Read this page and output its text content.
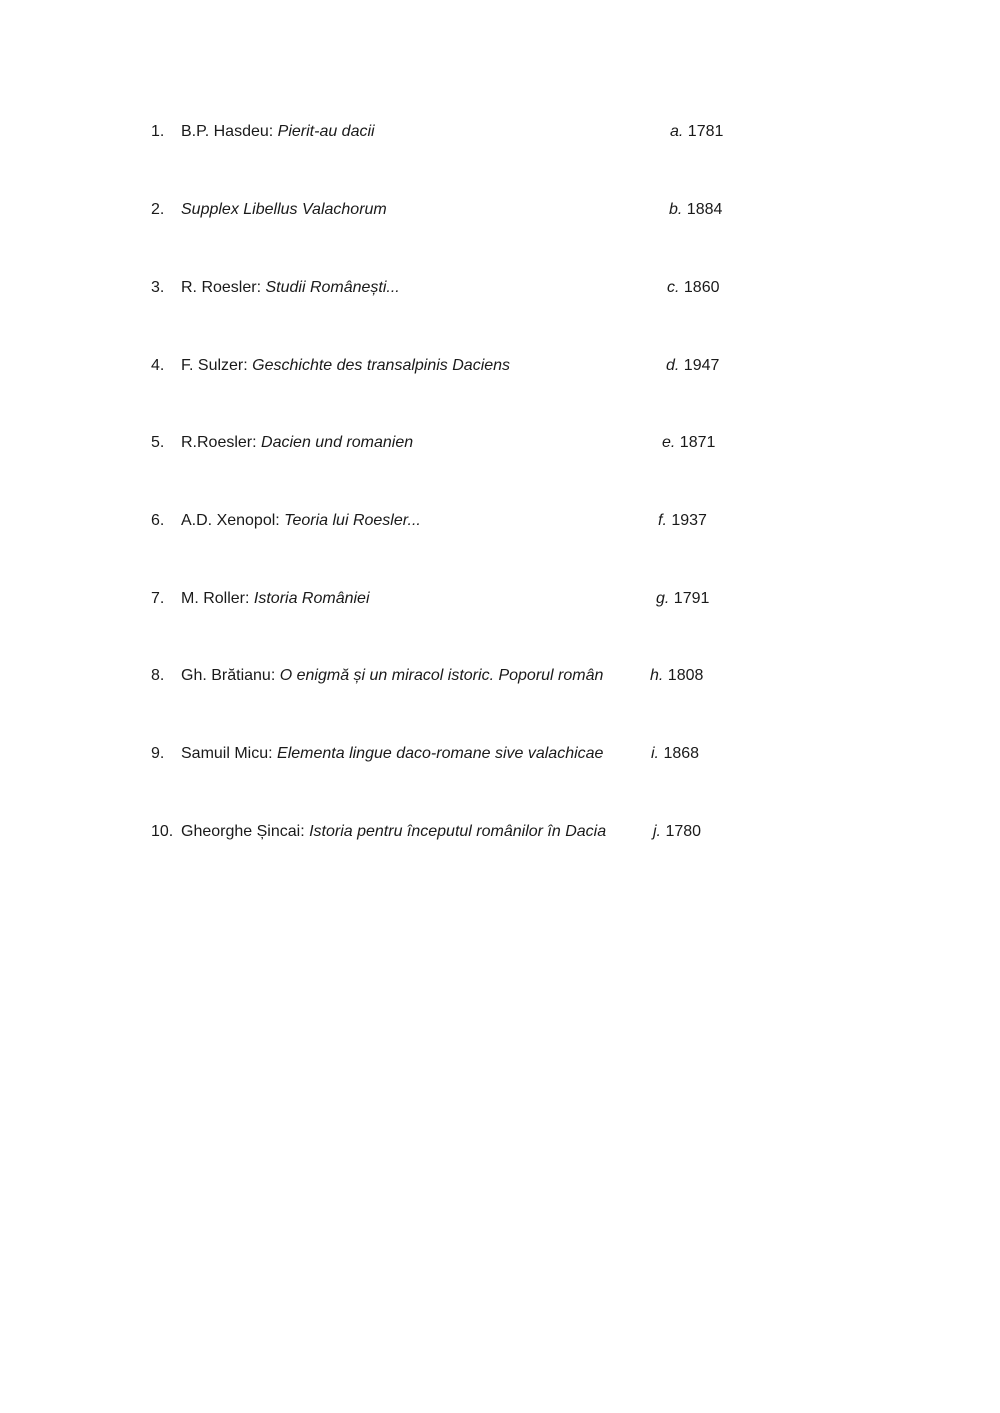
1.	B.P. Hasdeu: Pierit-au dacii	a. 1781
2.	Supplex Libellus Valachorum	b. 1884
3.	R. Roesler: Studii Românești...	c. 1860
4.	F. Sulzer: Geschichte des transalpinis Daciens	d. 1947
5.	R.Roesler: Dacien und romanien	e. 1871
6.	A.D. Xenopol: Teoria lui Roesler...	f. 1937
7.	M. Roller: Istoria României	g. 1791
8.	Gh. Brătianu: O enigmă și un miracol istoric. Poporul român	h. 1808
9.	Samuil Micu: Elementa lingue daco-romane sive valachicae	i. 1868
10. Gheorghe Șincai: Istoria pentru începutul românilor în Dacia	j. 1780
